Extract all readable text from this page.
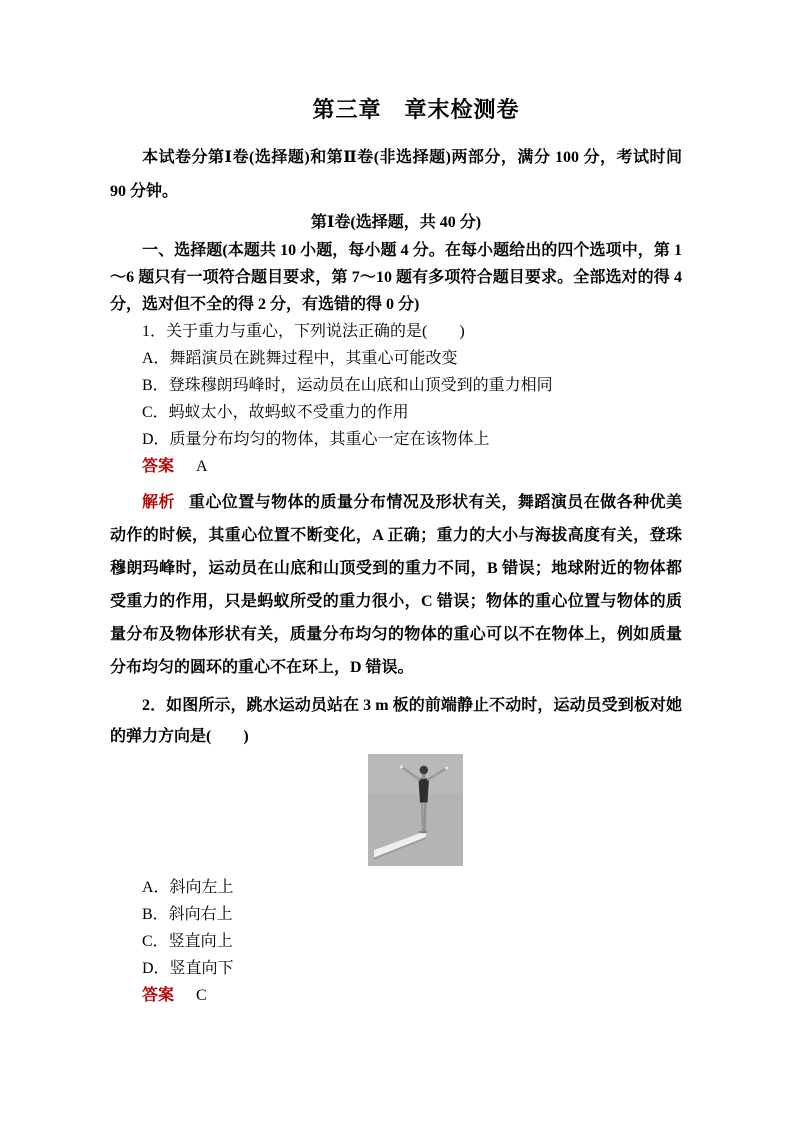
第三章　章末检测卷

本试卷分第Ⅰ卷(选择题)和第Ⅱ卷(非选择题)两部分，满分 100 分，考试时间 90 分钟。

第Ⅰ卷(选择题，共 40 分)

一、选择题(本题共 10 小题，每小题 4 分。在每小题给出的四个选项中，第 1～6 题只有一项符合题目要求，第 7～10 题有多项符合题目要求。全部选对的得 4 分，选对但不全的得 2 分，有选错的得 0 分)

1．关于重力与重心，下列说法正确的是(　　)

A．舞蹈演员在跳舞过程中，其重心可能改变

B．登珠穆朗玛峰时，运动员在山底和山顶受到的重力相同

C．蚂蚁太小，故蚂蚁不受重力的作用

D．质量分布均匀的物体，其重心一定在该物体上

答案 A

解析 重心位置与物体的质量分布情况及形状有关，舞蹈演员在做各种优美动作的时候，其重心位置不断变化，A 正确；重力的大小与海拔高度有关，登珠穆朗玛峰时，运动员在山底和山顶受到的重力不同，B 错误；地球附近的物体都受重力的作用，只是蚂蚁所受的重力很小，C 错误；物体的重心位置与物体的质量分布及物体形状有关，质量分布均匀的物体的重心可以不在物体上，例如质量分布均匀的圆环的重心不在环上，D 错误。

2．如图所示，跳水运动员站在 3 m 板的前端静止不动时，运动员受到板对她的弹力方向是(　　)

A．斜向左上

B．斜向右上

C．竖直向上

D．竖直向下

答案 C
